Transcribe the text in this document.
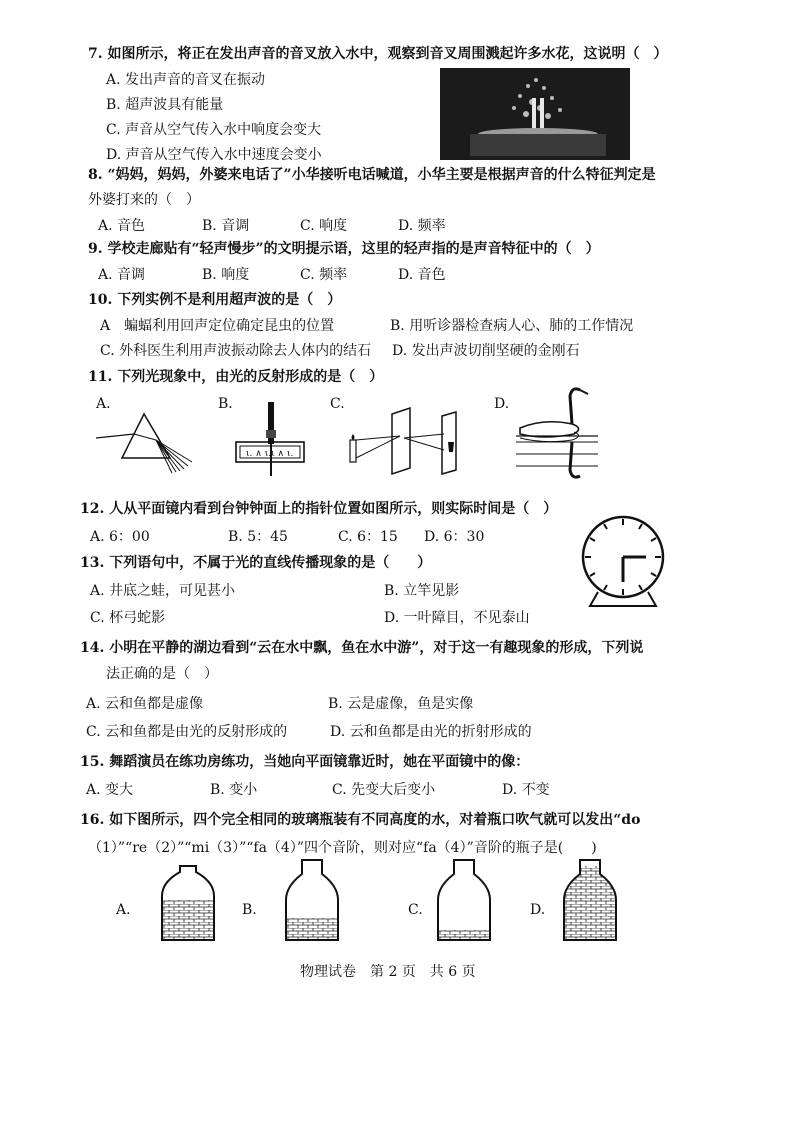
7. 如图所示，将正在发出声音的音叉放入水中，观察到音叉周围溅起许多水花，这说明（　）
A. 发出声音的音叉在振动
B. 超声波具有能量
C. 声音从空气传入水中响度会变大
D. 声音从空气传入水中速度会变小
8. “妈妈，妈妈，外婆来电话了”小华接听电话喊道，小华主要是根据声音的什么特征判定是
外婆打来的（　）
A. 音色	B. 音调	C. 响度	D. 频率
9. 学校走廊贴有“轻声慢步”的文明提示语，这里的轻声指的是声音特征中的（　）
A. 音调	B. 响度	C. 频率	D. 音色
10. 下列实例不是利用超声波的是（　）
A　蝙蝠利用回声定位确定昆虫的位置	B. 用听诊器检查病人心、肺的工作情况
C. 外科医生利用声波振动除去人体内的结石 D. 发出声波切削坚硬的金刚石
11. 下列光现象中，由光的反射形成的是（　）
A.	B.	C.	D.
ι. ∧ ι.ι ∧ ι.
12. 人从平面镜内看到台钟钟面上的指针位置如图所示，则实际时间是（　）
A. 6：00	B. 5：45	C. 6：15 D. 6：30
13. 下列语句中，不属于光的直线传播现象的是（　　）
A. 井底之蛙，可见甚小	B. 立竿见影
C. 杯弓蛇影	D. 一叶障目，不见泰山
14. 小明在平静的湖边看到“云在水中飘，鱼在水中游”，对于这一有趣现象的形成，下列说
法正确的是（　）
A. 云和鱼都是虚像	B. 云是虚像，鱼是实像
C. 云和鱼都是由光的反射形成的	D. 云和鱼都是由光的折射形成的
15. 舞蹈演员在练功房练功，当她向平面镜靠近时，她在平面镜中的像：
A. 变大	B. 变小	C. 先变大后变小	D. 不变
16. 如下图所示，四个完全相同的玻璃瓶装有不同高度的水，对着瓶口吹气就可以发出“do
（1）”“re（2）”“mi（3）”“fa（4）”四个音阶，则对应“fa（4）”音阶的瓶子是(　　)
A.	B.	C.	D.
物理试卷　第 2 页　共 6 页
